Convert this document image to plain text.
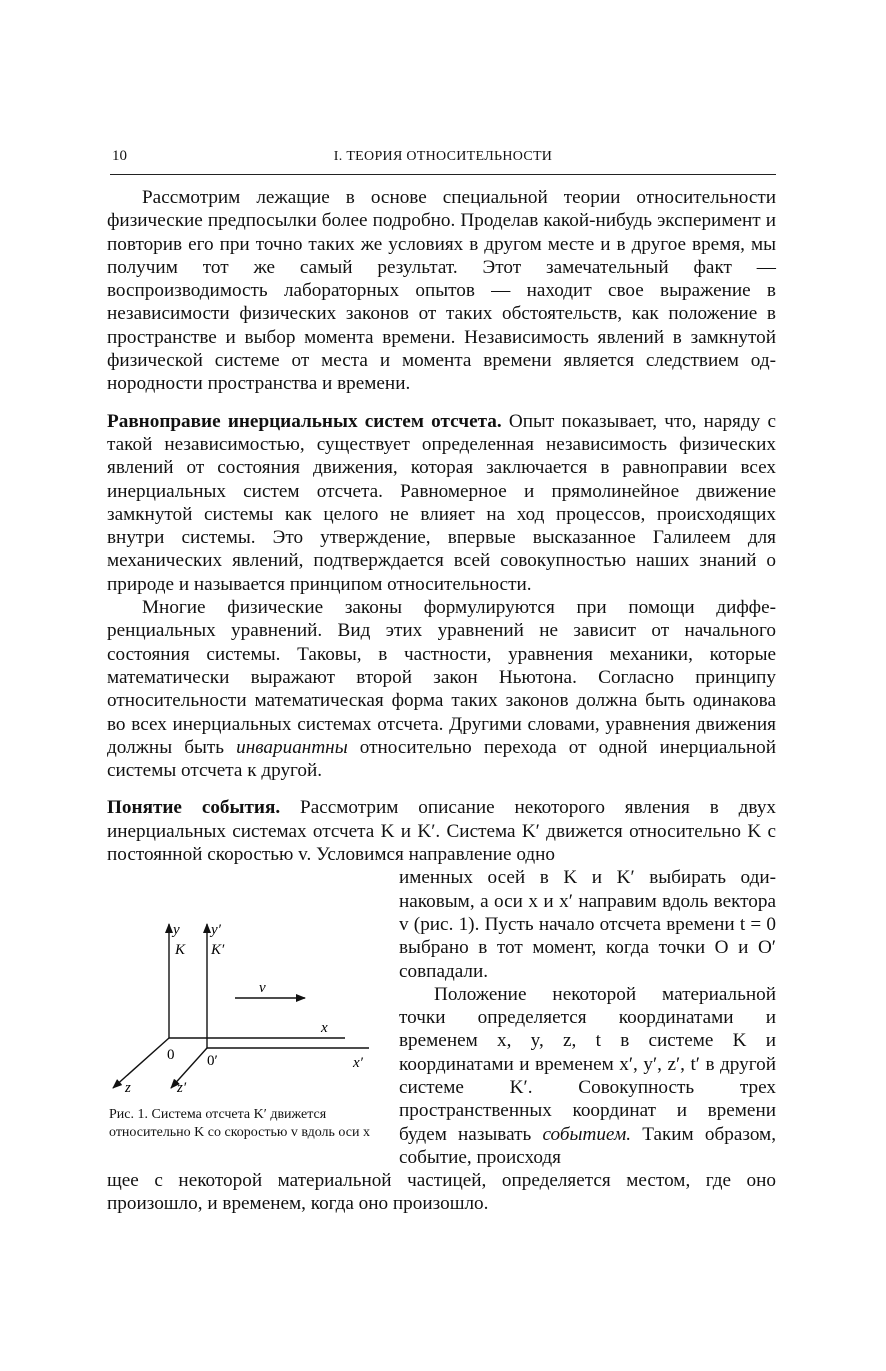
10	I. ТЕОРИЯ ОТНОСИТЕЛЬНОСТИ

Рассмотрим лежащие в основе специальной теории относительности физические предпосылки более подробно. Проделав какой-нибудь эксперимент и повторив его при точно таких же условиях в другом месте и в другое время, мы получим тот же самый результат. Этот замечательный факт — воспроизводимость лабораторных опытов — находит свое выражение в независимости физических законов от таких обстоятельств, как положение в пространстве и выбор момента времени. Независимость явлений в замкнутой физической системе от места и момента времени является следствием однородности пространства и времени.

Равноправие инерциальных систем отсчета. Опыт показывает, что, наряду с такой независимостью, существует определенная независимость физических явлений от состояния движения, которая заключается в равноправии всех инерциальных систем отсчета. Равномерное и прямолинейное движение замкнутой системы как целого не влияет на ход процессов, происходящих внутри системы. Это утверждение, впервые высказанное Галилеем для механических явлений, подтверждается всей совокупностью наших знаний о природе и называется принципом относительности.

Многие физические законы формулируются при помощи дифференциальных уравнений. Вид этих уравнений не зависит от начального состояния системы. Таковы, в частности, уравнения механики, которые математически выражают второй закон Ньютона. Согласно принципу относительности математическая форма таких законов должна быть одинакова во всех инерциальных системах отсчета. Другими словами, уравнения движения должны быть инвариантны относительно перехода от одной инерциальной системы отсчета к другой.

Понятие события. Рассмотрим описание некоторого явления в двух инерциальных системах отсчета K и K′. Система K′ движется относительно K с постоянной скоростью v. Условимся направление одно

именных осей в K и K′ выбирать одинаковым, а оси x и x′ направим вдоль вектора v (рис. 1). Пусть начало отсчета времени t = 0 выбрано в тот момент, когда точки O и O′ совпадали.

Положение некоторой материальной точки определяется координатами и временем x, y, z, t в системе K и координатами и временем x′, y′, z′, t′ в другой системе K′. Совокупность трех пространственных координат и времени будем называть событием. Таким образом, событие, происходя

щее с некоторой материальной частицей, определяется местом, где оно произошло, и временем, когда оно произошло.

y
K
y′
K′
v
x
x′
0 0′
z	z′
Рис. 1. Система отсчета K′ движется относительно K со скоростью v вдоль оси x
